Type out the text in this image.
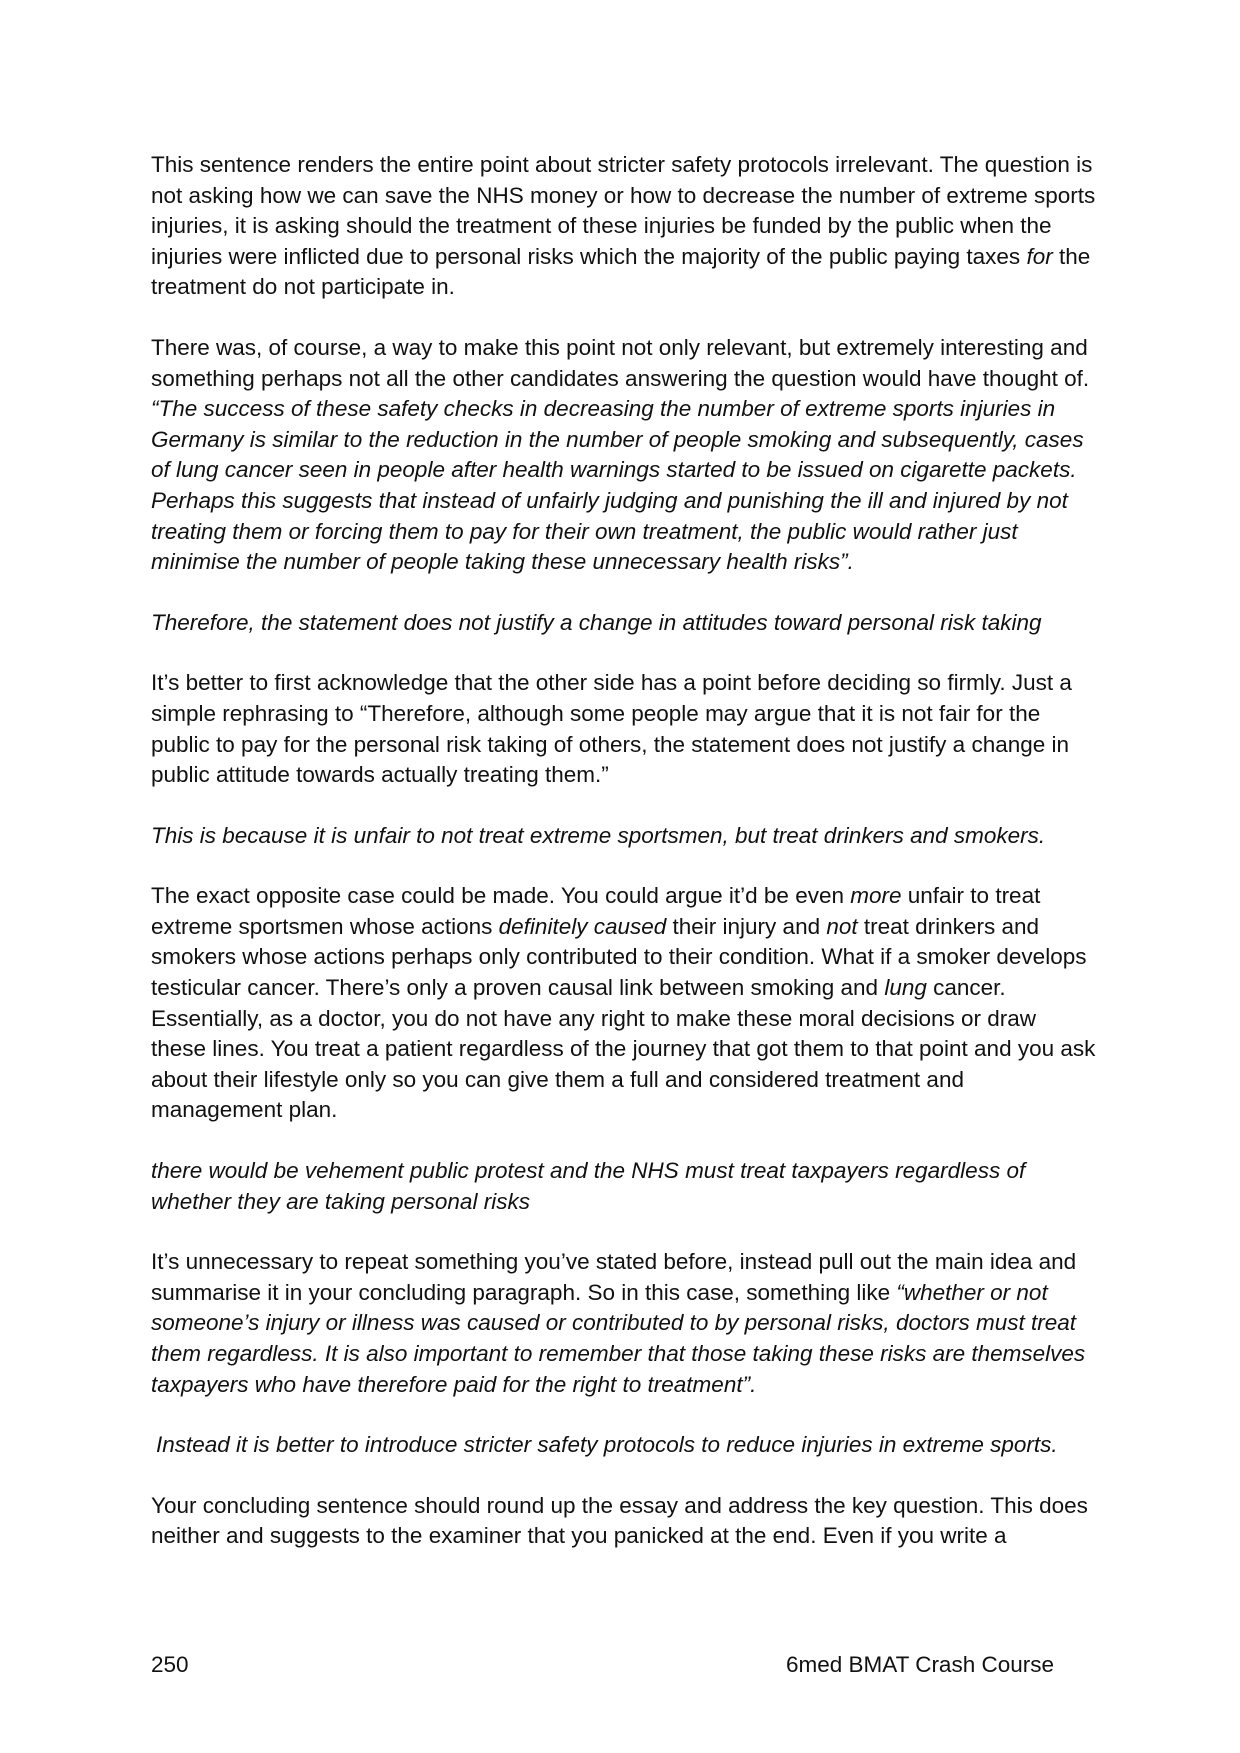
This sentence renders the entire point about stricter safety protocols irrelevant. The question is not asking how we can save the NHS money or how to decrease the number of extreme sports injuries, it is asking should the treatment of these injuries be funded by the public when the injuries were inflicted due to personal risks which the majority of the public paying taxes for the treatment do not participate in.

There was, of course, a way to make this point not only relevant, but extremely interesting and something perhaps not all the other candidates answering the question would have thought of. “The success of these safety checks in decreasing the number of extreme sports injuries in Germany is similar to the reduction in the number of people smoking and subsequently, cases of lung cancer seen in people after health warnings started to be issued on cigarette packets. Perhaps this suggests that instead of unfairly judging and punishing the ill and injured by not treating them or forcing them to pay for their own treatment, the public would rather just minimise the number of people taking these unnecessary health risks”.

Therefore, the statement does not justify a change in attitudes toward personal risk taking

It’s better to first acknowledge that the other side has a point before deciding so firmly. Just a simple rephrasing to “Therefore, although some people may argue that it is not fair for the public to pay for the personal risk taking of others, the statement does not justify a change in public attitude towards actually treating them.”

This is because it is unfair to not treat extreme sportsmen, but treat drinkers and smokers.

The exact opposite case could be made. You could argue it’d be even more unfair to treat extreme sportsmen whose actions definitely caused their injury and not treat drinkers and smokers whose actions perhaps only contributed to their condition. What if a smoker develops testicular cancer. There’s only a proven causal link between smoking and lung cancer. Essentially, as a doctor, you do not have any right to make these moral decisions or draw these lines. You treat a patient regardless of the journey that got them to that point and you ask about their lifestyle only so you can give them a full and considered treatment and management plan.

there would be vehement public protest and the NHS must treat taxpayers regardless of whether they are taking personal risks

It’s unnecessary to repeat something you’ve stated before, instead pull out the main idea and summarise it in your concluding paragraph. So in this case, something like “whether or not someone’s injury or illness was caused or contributed to by personal risks, doctors must treat them regardless. It is also important to remember that those taking these risks are themselves taxpayers who have therefore paid for the right to treatment”.

Instead it is better to introduce stricter safety protocols to reduce injuries in extreme sports.

Your concluding sentence should round up the essay and address the key question. This does neither and suggests to the examiner that you panicked at the end. Even if you write a

250	6med BMAT Crash Course
